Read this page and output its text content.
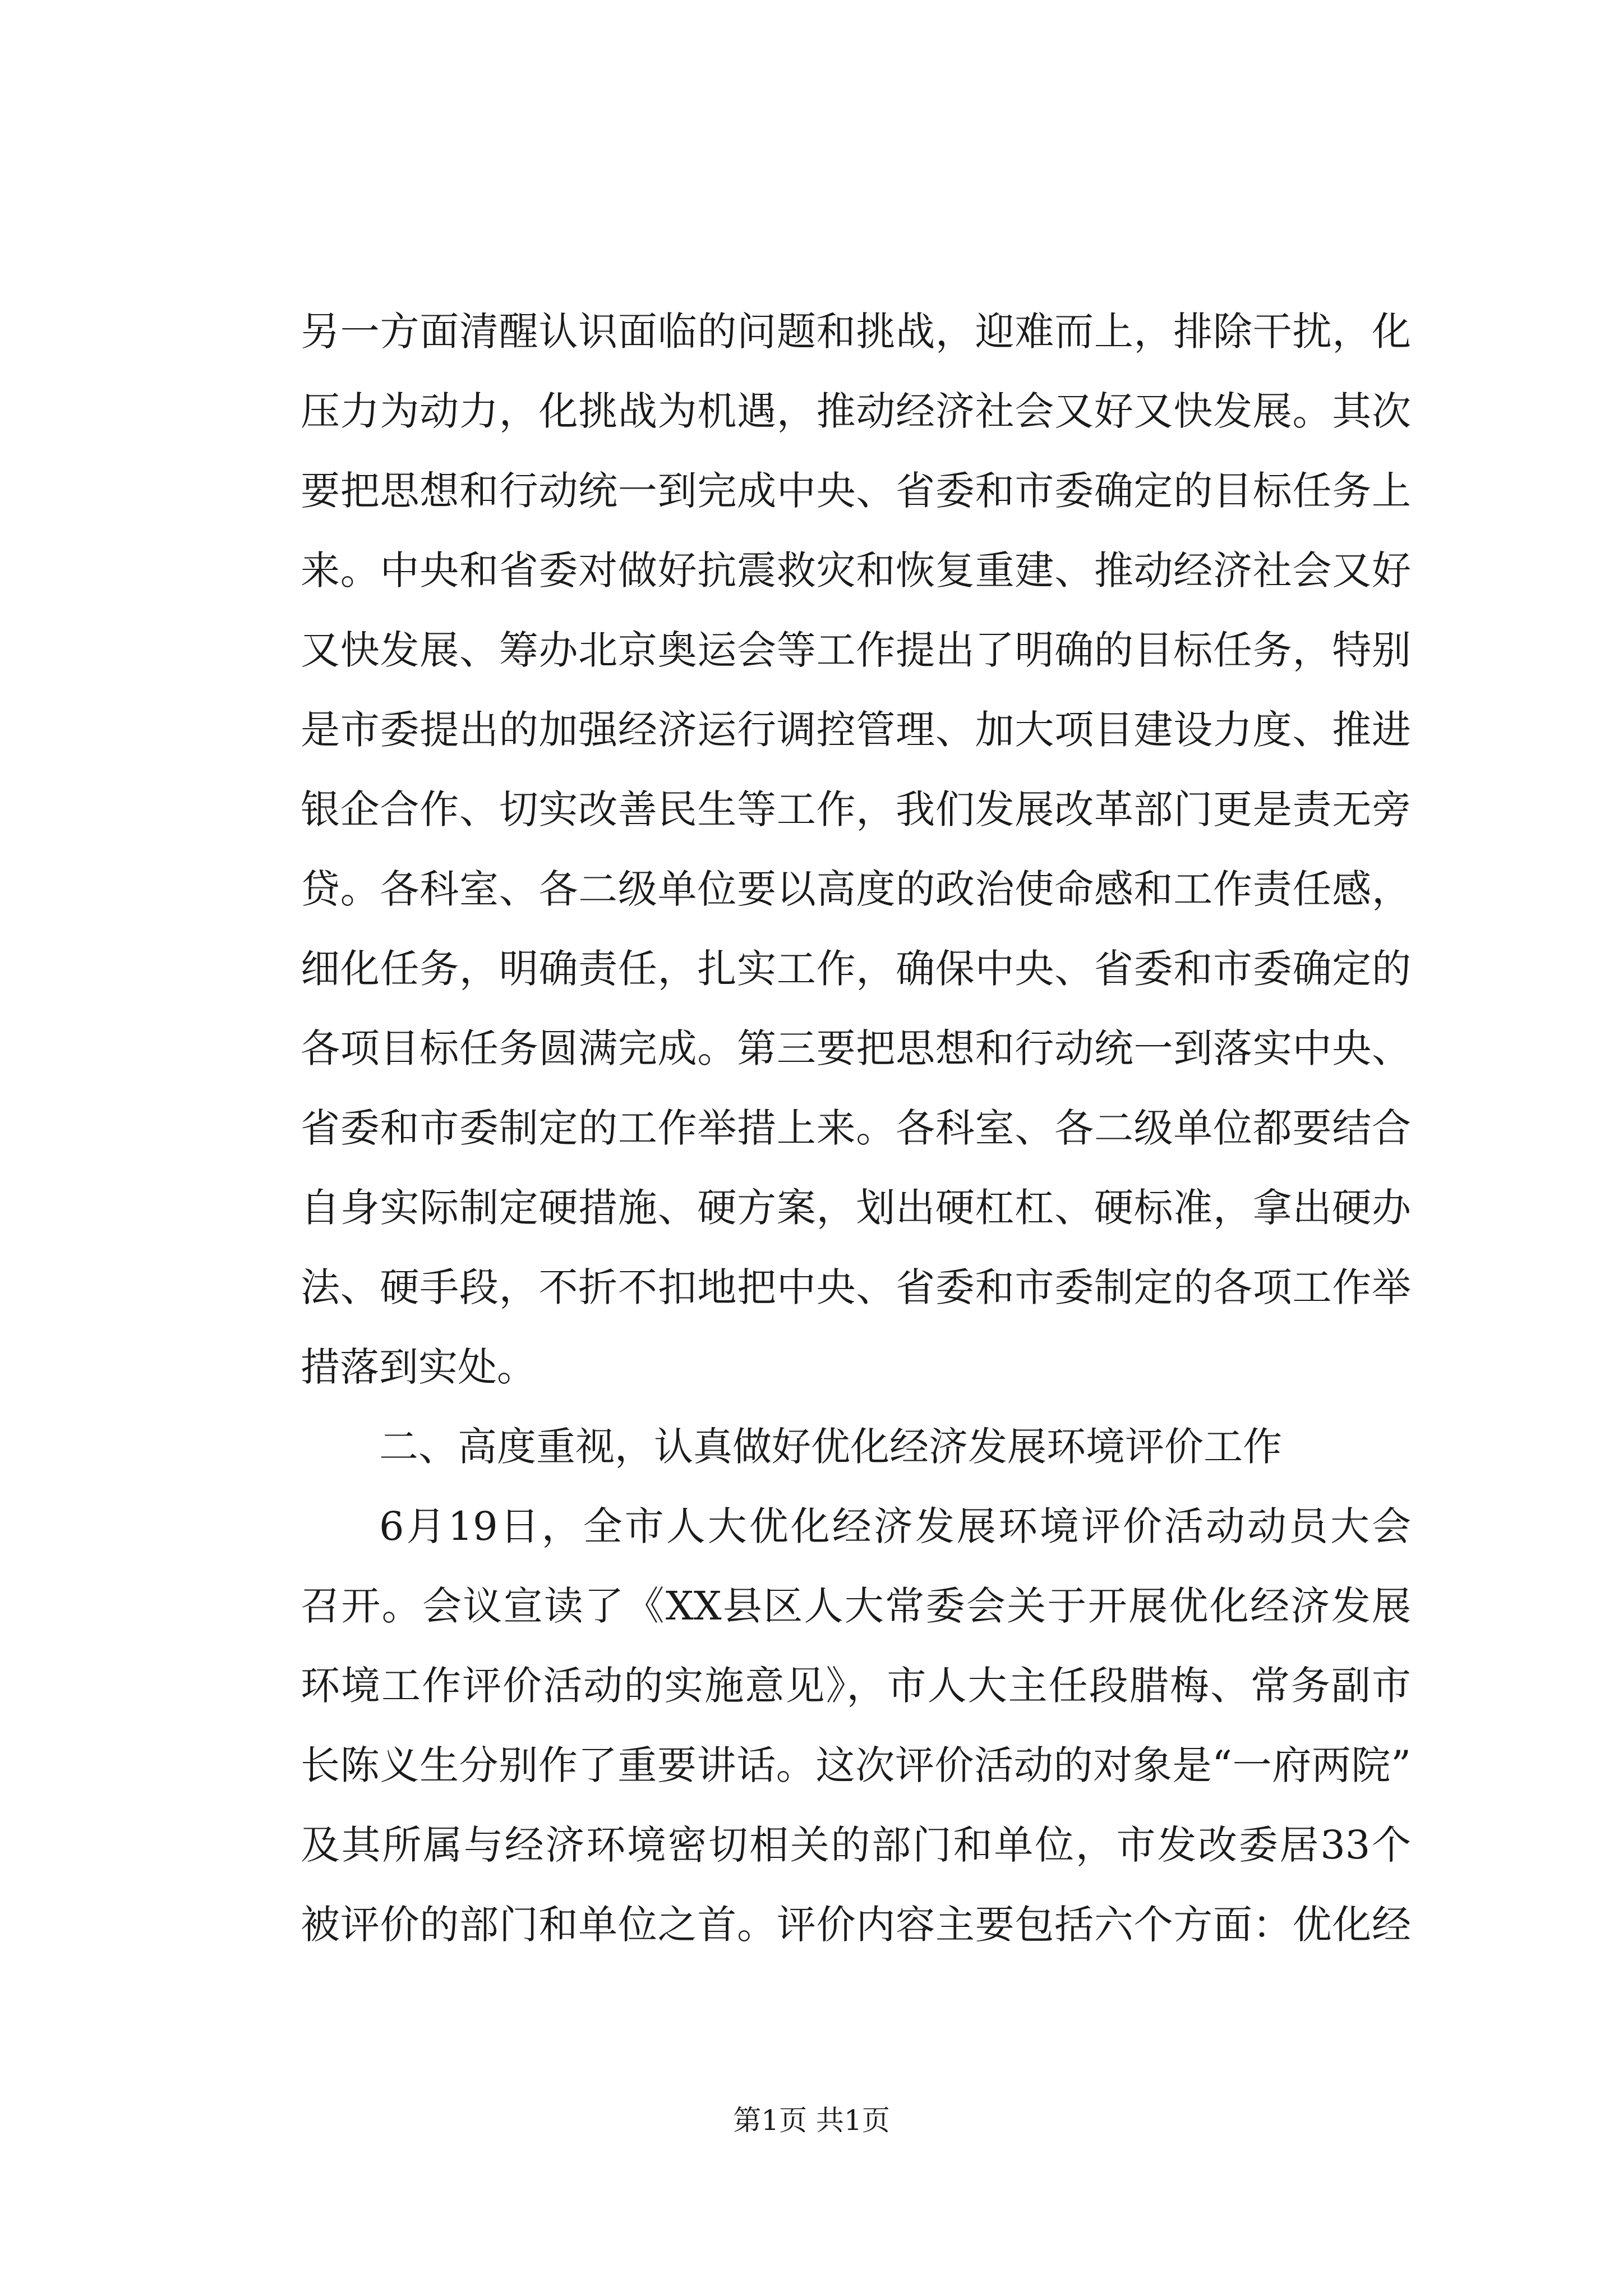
另一方面清醒认识面临的问题和挑战，迎难而上，排除干扰，化
压力为动力，化挑战为机遇，推动经济社会又好又快发展。其次
要把思想和行动统一到完成中央、省委和市委确定的目标任务上
来。中央和省委对做好抗震救灾和恢复重建、推动经济社会又好
又快发展、筹办北京奥运会等工作提出了明确的目标任务，特别
是市委提出的加强经济运行调控管理、加大项目建设力度、推进
银企合作、切实改善民生等工作，我们发展改革部门更是责无旁
贷。各科室、各二级单位要以高度的政治使命感和工作责任感，
细化任务，明确责任，扎实工作，确保中央、省委和市委确定的
各项目标任务圆满完成。第三要把思想和行动统一到落实中央、
省委和市委制定的工作举措上来。各科室、各二级单位都要结合
自身实际制定硬措施、硬方案，划出硬杠杠、硬标准，拿出硬办
法、硬手段，不折不扣地把中央、省委和市委制定的各项工作举
措落到实处。
二、高度重视，认真做好优化经济发展环境评价工作
6月19日，全市人大优化经济发展环境评价活动动员大会
召开。会议宣读了《XX县区人大常委会关于开展优化经济发展
环境工作评价活动的实施意见》，市人大主任段腊梅、常务副市
长陈义生分别作了重要讲话。这次评价活动的对象是“一府两院”
及其所属与经济环境密切相关的部门和单位，市发改委居33个
被评价的部门和单位之首。评价内容主要包括六个方面：优化经
第1页 共1页
